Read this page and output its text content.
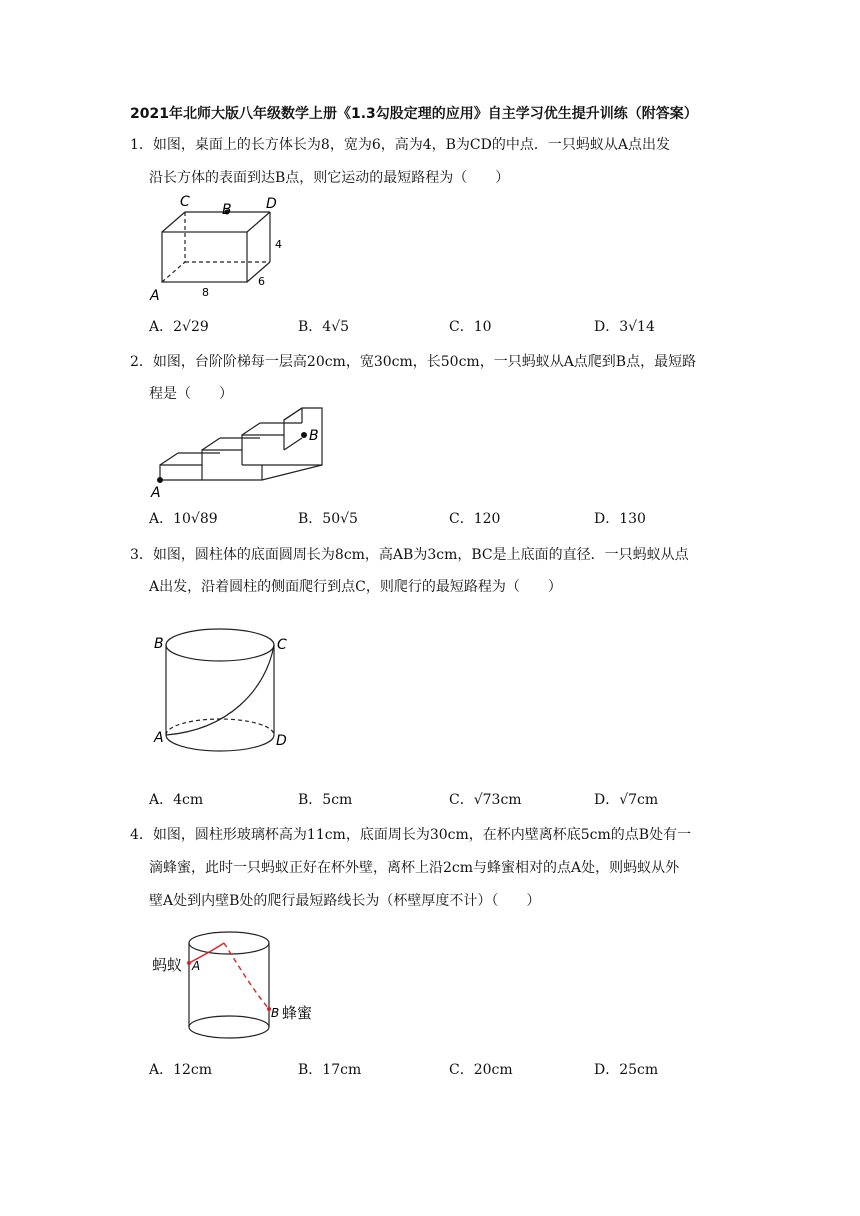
2021年北师大版八年级数学上册《1.3勾股定理的应用》自主学习优生提升训练（附答案）
1．如图，桌面上的长方体长为8，宽为6，高为4，B为CD的中点．一只蚂蚁从A点出发
沿长方体的表面到达B点，则它运动的最短路程为（　　）
C B D
A
4
8
6
A．2√29	B．4√5	C．10	D．3√14
2．如图，台阶阶梯每一层高20cm，宽30cm，长50cm，一只蚂蚁从A点爬到B点，最短路
程是（　　）
A
B
A．10√89	B．50√5	C．120	D．130
3．如图，圆柱体的底面圆周长为8cm，高AB为3cm，BC是上底面的直径．一只蚂蚁从点
A出发，沿着圆柱的侧面爬行到点C，则爬行的最短路程为（　　）
B	C
A	D
A．4cm	B．5cm	C．√73cm	D．√7cm
4．如图，圆柱形玻璃杯高为11cm，底面周长为30cm，在杯内壁离杯底5cm的点B处有一
滴蜂蜜，此时一只蚂蚁正好在杯外壁，离杯上沿2cm与蜂蜜相对的点A处，则蚂蚁从外
壁A处到内壁B处的爬行最短路线长为（杯壁厚度不计）（　　）
蚂蚁 A
B 蜂蜜
A．12cm	B．17cm	C．20cm	D．25cm
